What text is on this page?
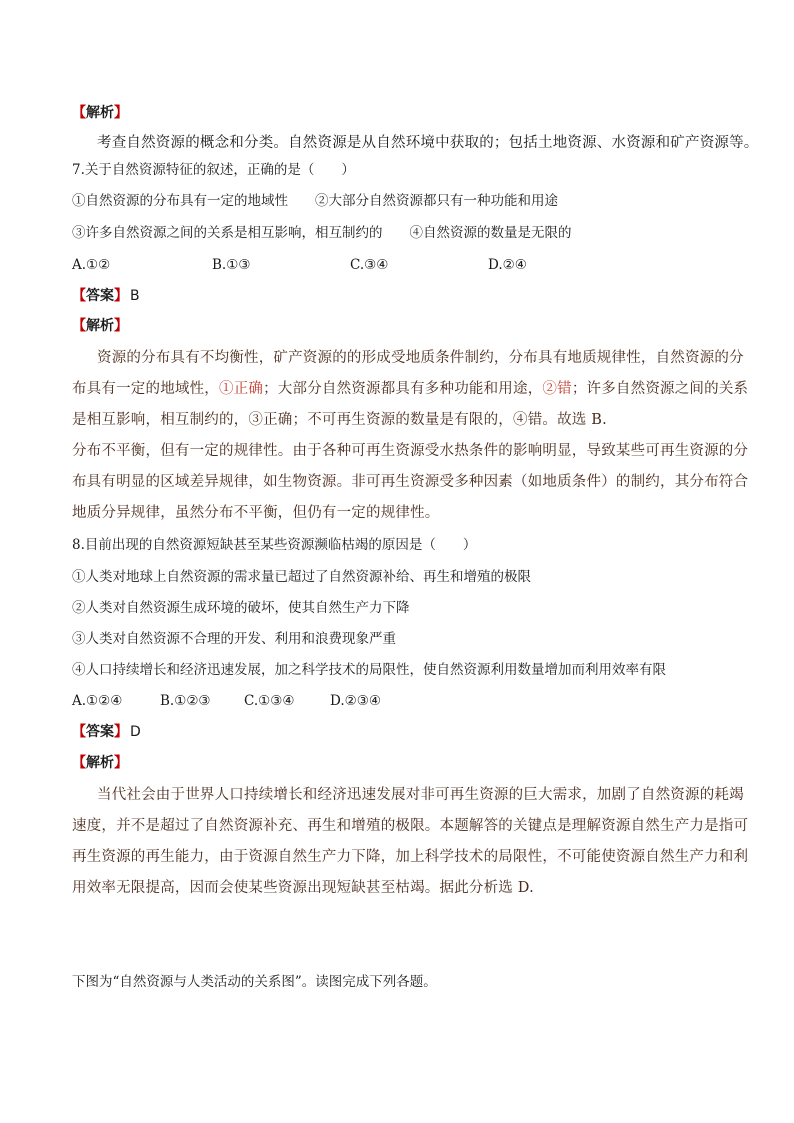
【解析】
考查自然资源的概念和分类。自然资源是从自然环境中获取的；包括土地资源、水资源和矿产资源等。
7.关于自然资源特征的叙述，正确的是（　　）
①自然资源的分布具有一定的地域性　　②大部分自然资源都只有一种功能和用途
③许多自然资源之间的关系是相互影响，相互制约的　　④自然资源的数量是无限的
A.①②	B.①③	C.③④	D.②④
【答案】 B
【解析】
资源的分布具有不均衡性，矿产资源的的形成受地质条件制约，分布具有地质规律性，自然资源的分
布具有一定的地域性，①正确；大部分自然资源都具有多种功能和用途，②错；许多自然资源之间的关系
是相互影响，相互制约的，③正确；不可再生资源的数量是有限的，④错。故选 B.
分布不平衡，但有一定的规律性。由于各种可再生资源受水热条件的影响明显，导致某些可再生资源的分
布具有明显的区域差异规律，如生物资源。非可再生资源受多种因素（如地质条件）的制约，其分布符合
地质分异规律，虽然分布不平衡，但仍有一定的规律性。
8.目前出现的自然资源短缺甚至某些资源濒临枯竭的原因是（　　）
①人类对地球上自然资源的需求量已超过了自然资源补给、再生和增殖的极限
②人类对自然资源生成环境的破坏，使其自然生产力下降
③人类对自然资源不合理的开发、利用和浪费现象严重
④人口持续增长和经济迅速发展，加之科学技术的局限性，使自然资源利用数量增加而利用效率有限
A.①②④	B.①②③ C.①③④	D.②③④
【答案】 D
【解析】
当代社会由于世界人口持续增长和经济迅速发展对非可再生资源的巨大需求，加剧了自然资源的耗竭
速度，并不是超过了自然资源补充、再生和增殖的极限。本题解答的关键点是理解资源自然生产力是指可
再生资源的再生能力，由于资源自然生产力下降，加上科学技术的局限性，不可能使资源自然生产力和利
用效率无限提高，因而会使某些资源出现短缺甚至枯竭。据此分析选 D.
下图为“自然资源与人类活动的关系图”。读图完成下列各题。
